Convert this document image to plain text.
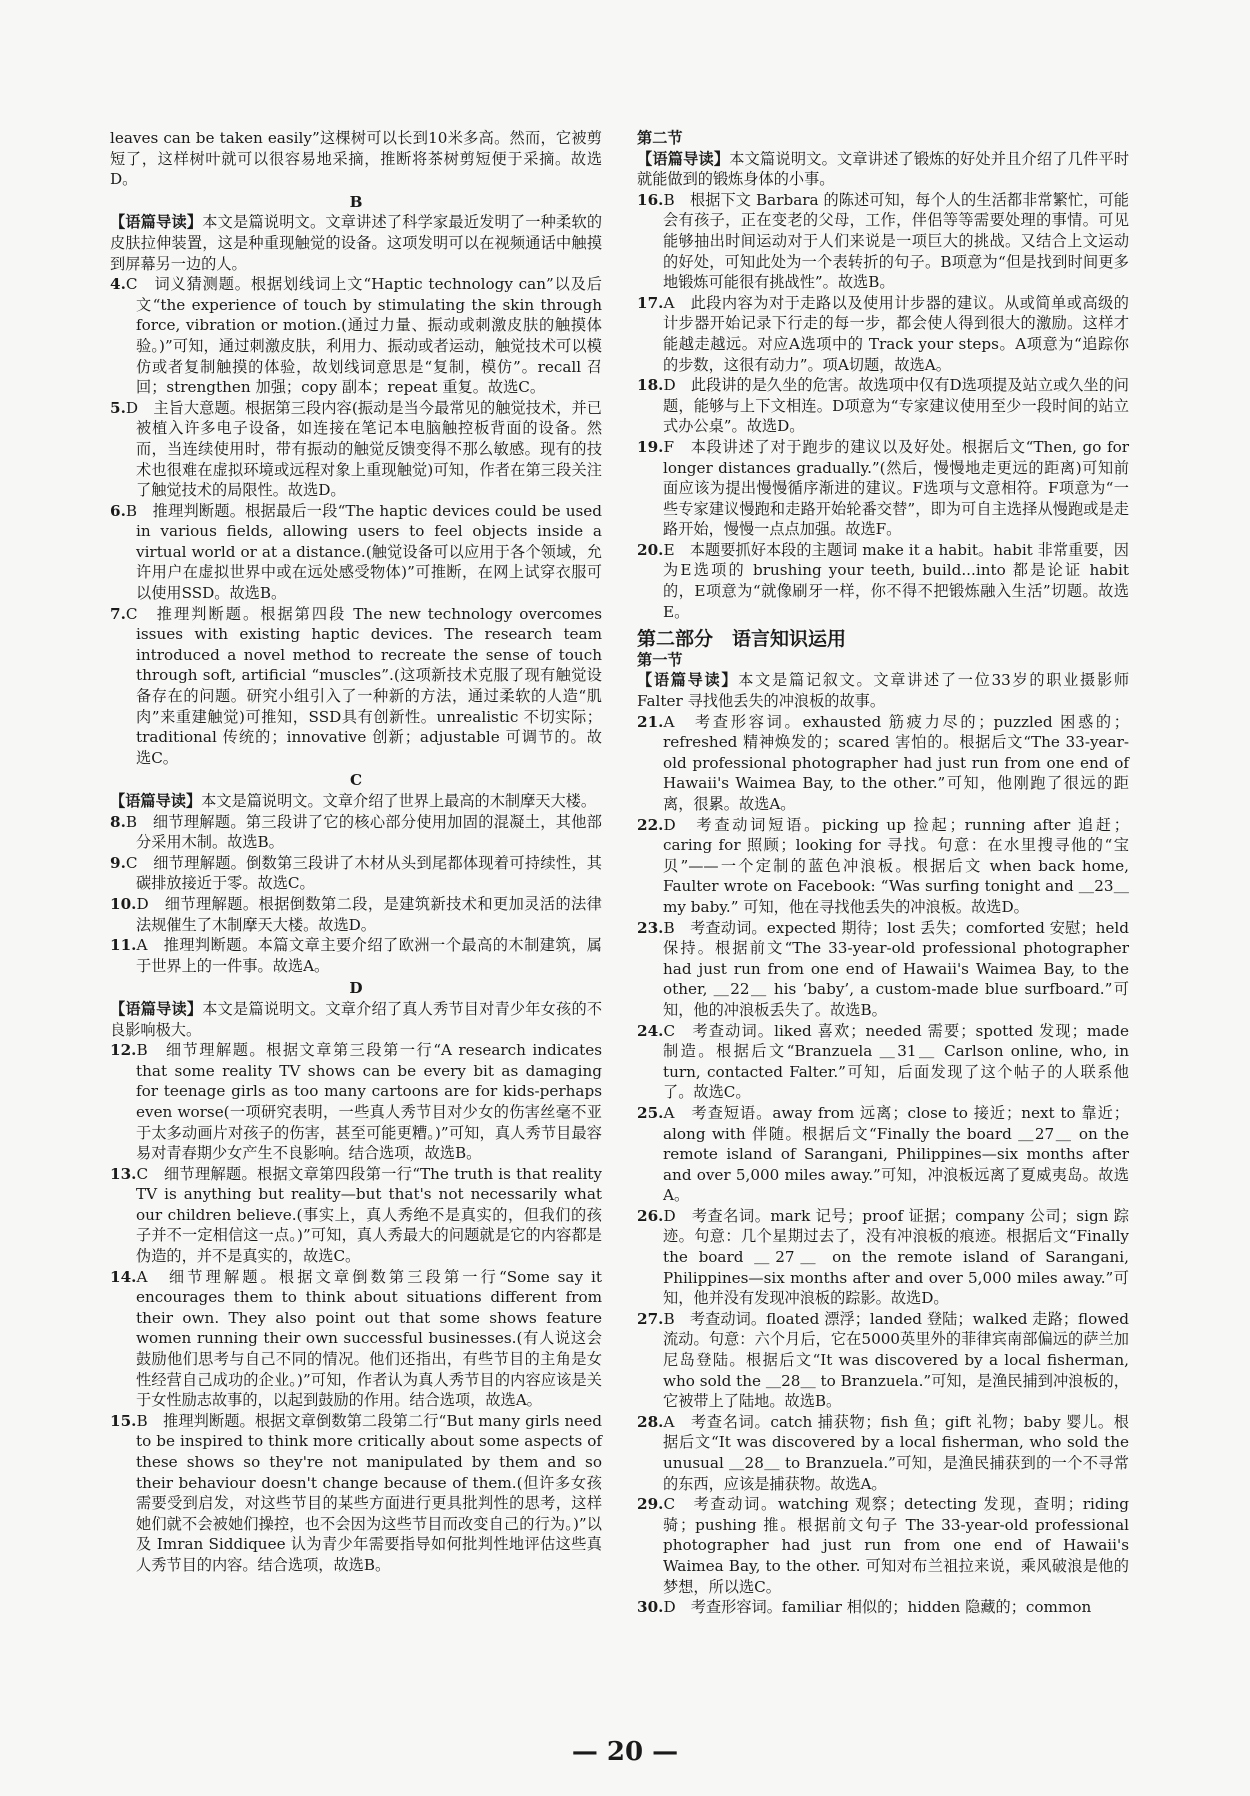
leaves can be taken easily”这棵树可以长到10米多高。然而，它被剪短了，这样树叶就可以很容易地采摘，推断将茶树剪短便于采摘。故选D。

B

【语篇导读】本文是篇说明文。文章讲述了科学家最近发明了一种柔软的皮肤拉伸装置，这是种重现触觉的设备。这项发明可以在视频通话中触摸到屏幕另一边的人。

4.C　词义猜测题。根据划线词上文“Haptic technology can”以及后文“the experience of touch by stimulating the skin through force, vibration or motion.(通过力量、振动或刺激皮肤的触摸体验。)”可知，通过刺激皮肤，利用力、振动或者运动，触觉技术可以模仿或者复制触摸的体验，故划线词意思是“复制，模仿”。recall 召回；strengthen 加强；copy 副本；repeat 重复。故选C。

5.D　主旨大意题。根据第三段内容(振动是当今最常见的触觉技术，并已被植入许多电子设备，如连接在笔记本电脑触控板背面的设备。然而，当连续使用时，带有振动的触觉反馈变得不那么敏感。现有的技术也很难在虚拟环境或远程对象上重现触觉)可知，作者在第三段关注了触觉技术的局限性。故选D。

6.B　推理判断题。根据最后一段“The haptic devices could be used in various fields, allowing users to feel objects inside a virtual world or at a distance.(触觉设备可以应用于各个领域，允许用户在虚拟世界中或在远处感受物体)”可推断，在网上试穿衣服可以使用SSD。故选B。

7.C　推理判断题。根据第四段 The new technology overcomes issues with existing haptic devices. The research team introduced a novel method to recreate the sense of touch through soft, artificial “muscles”.(这项新技术克服了现有触觉设备存在的问题。研究小组引入了一种新的方法，通过柔软的人造“肌肉”来重建触觉)可推知，SSD具有创新性。unrealistic 不切实际；traditional 传统的；innovative 创新；adjustable 可调节的。故选C。

C

【语篇导读】本文是篇说明文。文章介绍了世界上最高的木制摩天大楼。

8.B　细节理解题。第三段讲了它的核心部分使用加固的混凝土，其他部分采用木制。故选B。

9.C　细节理解题。倒数第三段讲了木材从头到尾都体现着可持续性，其碳排放接近于零。故选C。

10.D　细节理解题。根据倒数第二段，是建筑新技术和更加灵活的法律法规催生了木制摩天大楼。故选D。

11.A　推理判断题。本篇文章主要介绍了欧洲一个最高的木制建筑，属于世界上的一件事。故选A。

D

【语篇导读】本文是篇说明文。文章介绍了真人秀节目对青少年女孩的不良影响极大。

12.B　细节理解题。根据文章第三段第一行“A research indicates that some reality TV shows can be every bit as damaging for teenage girls as too many cartoons are for kids-perhaps even worse(一项研究表明，一些真人秀节目对少女的伤害丝毫不亚于太多动画片对孩子的伤害，甚至可能更糟。)”可知，真人秀节目最容易对青春期少女产生不良影响。结合选项，故选B。

13.C　细节理解题。根据文章第四段第一行“The truth is that reality TV is anything but reality—but that's not necessarily what our children believe.(事实上，真人秀绝不是真实的，但我们的孩子并不一定相信这一点。)”可知，真人秀最大的问题就是它的内容都是伪造的，并不是真实的，故选C。

14.A　细节理解题。根据文章倒数第三段第一行“Some say it encourages them to think about situations different from their own. They also point out that some shows feature women running their own successful businesses.(有人说这会鼓励他们思考与自己不同的情况。他们还指出，有些节目的主角是女性经营自己成功的企业。)”可知，作者认为真人秀节目的内容应该是关于女性励志故事的，以起到鼓励的作用。结合选项，故选A。

15.B　推理判断题。根据文章倒数第二段第二行“But many girls need to be inspired to think more critically about some aspects of these shows so they're not manipulated by them and so their behaviour doesn't change because of them.(但许多女孩需要受到启发，对这些节目的某些方面进行更具批判性的思考，这样她们就不会被她们操控，也不会因为这些节目而改变自己的行为。)”以及 Imran Siddiquee 认为青少年需要指导如何批判性地评估这些真人秀节目的内容。结合选项，故选B。

第二节

【语篇导读】本文篇说明文。文章讲述了锻炼的好处并且介绍了几件平时就能做到的锻炼身体的小事。

16.B　根据下文 Barbara 的陈述可知，每个人的生活都非常繁忙，可能会有孩子，正在变老的父母，工作，伴侣等等需要处理的事情。可见能够抽出时间运动对于人们来说是一项巨大的挑战。又结合上文运动的好处，可知此处为一个表转折的句子。B项意为“但是找到时间更多地锻炼可能很有挑战性”。故选B。

17.A　此段内容为对于走路以及使用计步器的建议。从或简单或高级的计步器开始记录下行走的每一步，都会使人得到很大的激励。这样才能越走越远。对应A选项中的 Track your steps。A项意为“追踪你的步数，这很有动力”。项A切题，故选A。

18.D　此段讲的是久坐的危害。故选项中仅有D选项提及站立或久坐的问题，能够与上下文相连。D项意为“专家建议使用至少一段时间的站立式办公桌”。故选D。

19.F　本段讲述了对于跑步的建议以及好处。根据后文“Then, go for longer distances gradually.”(然后，慢慢地走更远的距离)可知前面应该为提出慢慢循序渐进的建议。F选项与文意相符。F项意为“一些专家建议慢跑和走路开始轮番交替”，即为可自主选择从慢跑或是走路开始，慢慢一点点加强。故选F。

20.E　本题要抓好本段的主题词 make it a habit。habit 非常重要，因为E选项的 brushing your teeth, build...into 都是论证 habit 的，E项意为“就像刷牙一样，你不得不把锻炼融入生活”切题。故选E。

第二部分　语言知识运用

第一节

【语篇导读】本文是篇记叙文。文章讲述了一位33岁的职业摄影师 Falter 寻找他丢失的冲浪板的故事。

21.A　考查形容词。exhausted 筋疲力尽的；puzzled 困惑的；refreshed 精神焕发的；scared 害怕的。根据后文“The 33-year-old professional photographer had just run from one end of Hawaii's Waimea Bay, to the other.”可知，他刚跑了很远的距离，很累。故选A。

22.D　考查动词短语。picking up 捡起；running after 追赶；caring for 照顾；looking for 寻找。句意：在水里搜寻他的“宝贝”——一个定制的蓝色冲浪板。根据后文 when back home, Faulter wrote on Facebook: “Was surfing tonight and ＿23＿ my baby.” 可知，他在寻找他丢失的冲浪板。故选D。

23.B　考查动词。expected 期待；lost 丢失；comforted 安慰；held 保持。根据前文“The 33-year-old professional photographer had just run from one end of Hawaii's Waimea Bay, to the other, ＿22＿ his ‘baby’, a custom-made blue surfboard.”可知，他的冲浪板丢失了。故选B。

24.C　考查动词。liked 喜欢；needed 需要；spotted 发现；made 制造。根据后文“Branzuela ＿31＿ Carlson online, who, in turn, contacted Falter.”可知，后面发现了这个帖子的人联系他了。故选C。

25.A　考查短语。away from 远离；close to 接近；next to 靠近；along with 伴随。根据后文“Finally the board ＿27＿ on the remote island of Sarangani, Philippines—six months after and over 5,000 miles away.”可知，冲浪板远离了夏威夷岛。故选A。

26.D　考查名词。mark 记号；proof 证据；company 公司；sign 踪迹。句意：几个星期过去了，没有冲浪板的痕迹。根据后文“Finally the board ＿27＿ on the remote island of Sarangani, Philippines—six months after and over 5,000 miles away.”可知，他并没有发现冲浪板的踪影。故选D。

27.B　考查动词。floated 漂浮；landed 登陆；walked 走路；flowed 流动。句意：六个月后，它在5000英里外的菲律宾南部偏远的萨兰加尼岛登陆。根据后文“It was discovered by a local fisherman, who sold the ＿28＿ to Branzuela.”可知，是渔民捕到冲浪板的，它被带上了陆地。故选B。

28.A　考查名词。catch 捕获物；fish 鱼；gift 礼物；baby 婴儿。根据后文“It was discovered by a local fisherman, who sold the unusual ＿28＿ to Branzuela.”可知，是渔民捕获到的一个不寻常的东西，应该是捕获物。故选A。

29.C　考查动词。watching 观察；detecting 发现，查明；riding 骑；pushing 推。根据前文句子 The 33-year-old professional photographer had just run from one end of Hawaii's Waimea Bay, to the other. 可知对布兰祖拉来说，乘风破浪是他的梦想，所以选C。

30.D　考查形容词。familiar 相似的；hidden 隐藏的；common

— 20 —
